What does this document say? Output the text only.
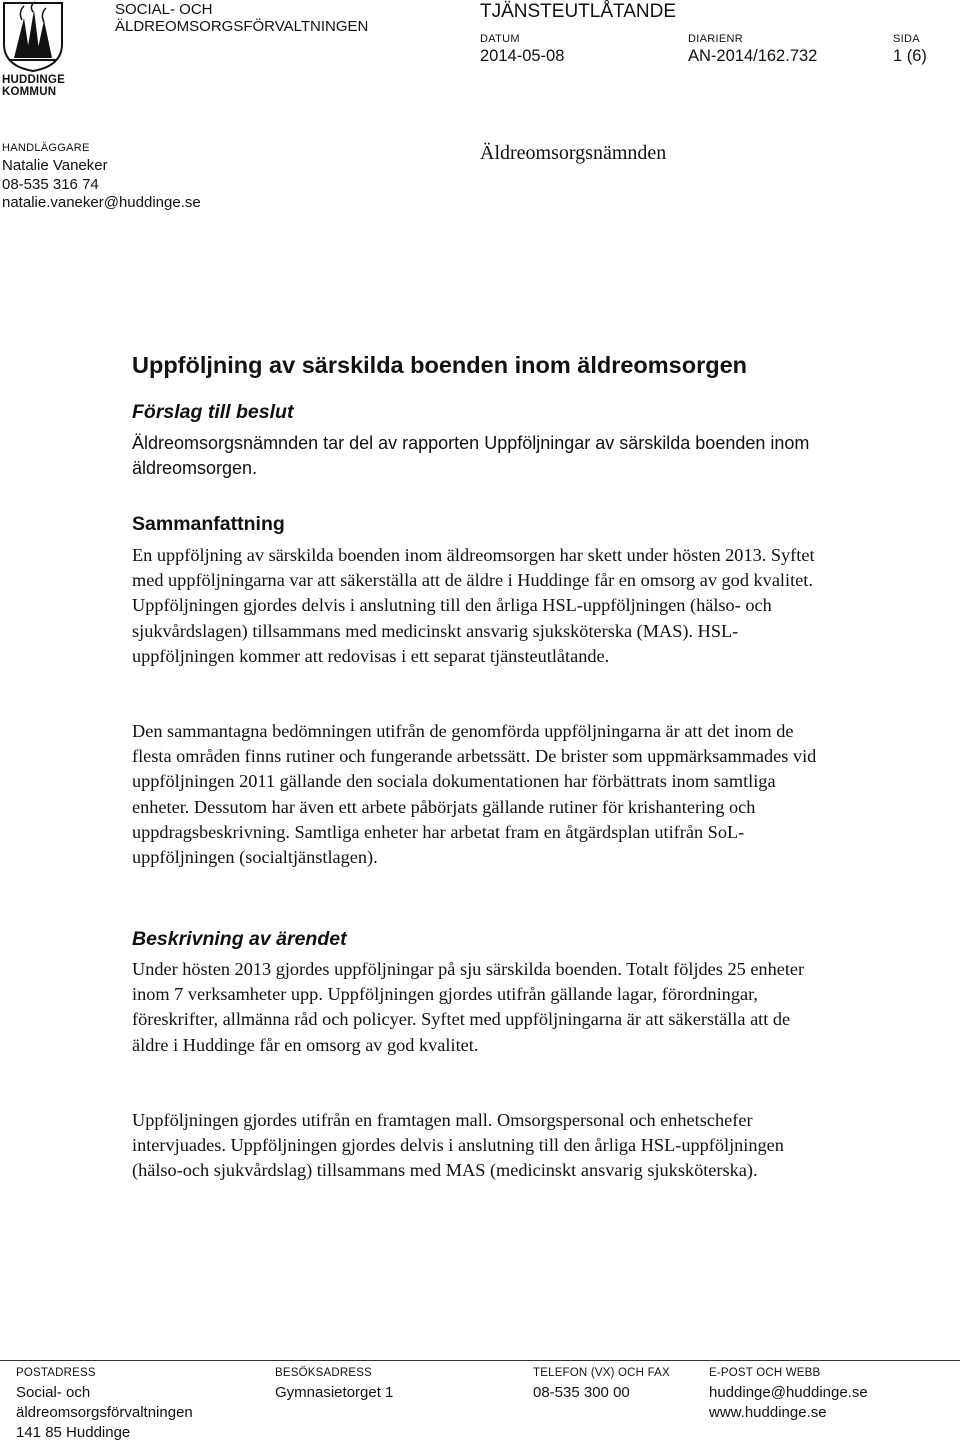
HUDDINGE
KOMMUN
SOCIAL- OCH
ÄLDREOMSORGSFÖRVALTNINGEN
TJÄNSTEUTLÅTANDE
DATUM
2014-05-08
DIARIENR
AN-2014/162.732
SIDA
1 (6)
HANDLÄGGARE
Natalie Vaneker
08-535 316 74
natalie.vaneker@huddinge.se
Äldreomsorgsnämnden
Uppföljning av särskilda boenden inom äldreomsorgen
Förslag till beslut
Äldreomsorgsnämnden tar del av rapporten Uppföljningar av särskilda boenden inom äldreomsorgen.
Sammanfattning
En uppföljning av särskilda boenden inom äldreomsorgen har skett under hösten 2013. Syftet med uppföljningarna var att säkerställa att de äldre i Huddinge får en omsorg av god kvalitet. Uppföljningen gjordes delvis i anslutning till den årliga HSL-uppföljningen (hälso- och sjukvårdslagen) tillsammans med medicinskt ansvarig sjuksköterska (MAS). HSL-uppföljningen kommer att redovisas i ett separat tjänsteutlåtande.
Den sammantagna bedömningen utifrån de genomförda uppföljningarna är att det inom de flesta områden finns rutiner och fungerande arbetssätt. De brister som uppmärksammades vid uppföljningen 2011 gällande den sociala dokumentationen har förbättrats inom samtliga enheter. Dessutom har även ett arbete påbörjats gällande rutiner för krishantering och uppdragsbeskrivning. Samtliga enheter har arbetat fram en åtgärdsplan utifrån SoL-uppföljningen (socialtjänstlagen).
Beskrivning av ärendet
Under hösten 2013 gjordes uppföljningar på sju särskilda boenden. Totalt följdes 25 enheter inom 7 verksamheter upp. Uppföljningen gjordes utifrån gällande lagar, förordningar, föreskrifter, allmänna råd och policyer. Syftet med uppföljningarna är att säkerställa att de äldre i Huddinge får en omsorg av god kvalitet.
Uppföljningen gjordes utifrån en framtagen mall. Omsorgspersonal och enhetschefer intervjuades. Uppföljningen gjordes delvis i anslutning till den årliga HSL-uppföljningen (hälso-och sjukvårdslag) tillsammans med MAS (medicinskt ansvarig sjuksköterska).
POSTADRESS
Social- och
äldreomsorgsförvaltningen
141 85 Huddinge
BESÖKSADRESS
Gymnasietorget 1
TELEFON (VX) OCH FAX
08-535 300 00
E-POST OCH WEBB
huddinge@huddinge.se
www.huddinge.se
